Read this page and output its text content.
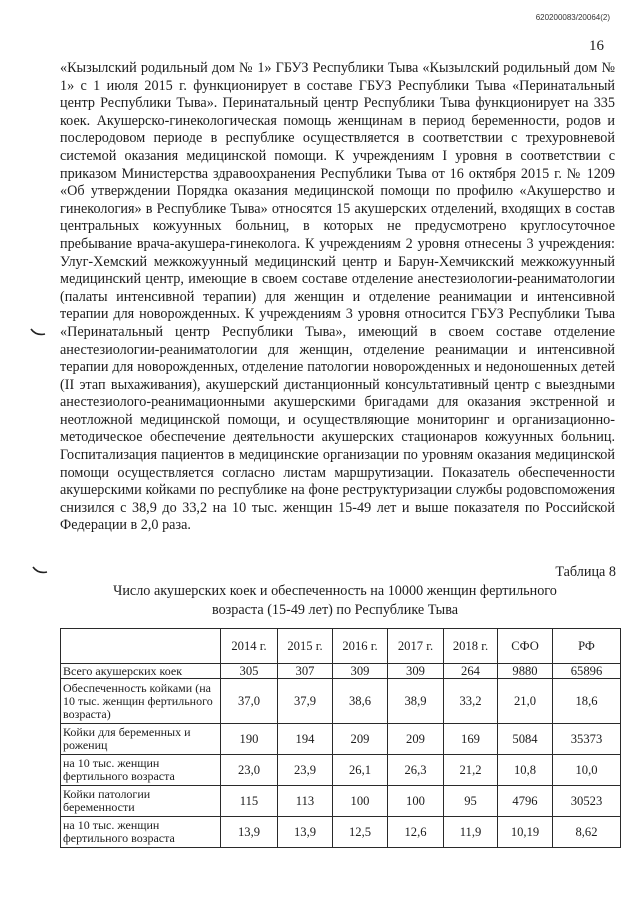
620200083/20064(2)
16

«Кызылский родильный дом № 1» ГБУЗ Республики Тыва «Кызылский родильный дом № 1» с 1 июля 2015 г. функционирует в составе ГБУЗ Республики Тыва «Перинатальный центр Республики Тыва». Перинатальный центр Республики Тыва функционирует на 335 коек. Акушерско-гинекологическая помощь женщинам в период беременности, родов и послеродовом периоде в республике осуществляется в соответствии с трехуровневой системой оказания медицинской помощи. К учреждениям I уровня в соответствии с приказом Министерства здравоохранения Республики Тыва от 16 октября 2015 г. № 1209 «Об утверждении Порядка оказания медицинской помощи по профилю «Акушерство и гинекология» в Республике Тыва» относятся 15 акушерских отделений, входящих в состав центральных кожуунных больниц, в которых не предусмотрено круглосуточное пребывание врача-акушера-гинеколога. К учреждениям 2 уровня отнесены 3 учреждения: Улуг-Хемский межкожуунный медицинский центр и Барун-Хемчикский межкожуунный медицинский центр, имеющие в своем составе отделение анестезиологии-реаниматологии (палаты интенсивной терапии) для женщин и отделение реанимации и интенсивной терапии для новорожденных. К учреждениям 3 уровня относится ГБУЗ Республики Тыва «Перинатальный центр Республики Тыва», имеющий в своем составе отделение анестезиологии-реаниматологии для женщин, отделение реанимации и интенсивной терапии для новорожденных, отделение патологии новорожденных и недоношенных детей (II этап выхаживания), акушерский дистанционный консультативный центр с выездными анестезиолого-реанимационными акушерскими бригадами для оказания экстренной и неотложной медицинской помощи, и осуществляющие мониторинг и организационно-методическое обеспечение деятельности акушерских стационаров кожуунных больниц. Госпитализация пациентов в медицинские организации по уровням оказания медицинской помощи осуществляется согласно листам маршрутизации. Показатель обеспеченности акушерскими койками по республике на фоне реструктуризации службы родовспоможения снизился с 38,9 до 33,2 на 10 тыс. женщин 15-49 лет и выше показателя по Российской Федерации в 2,0 раза.

Таблица 8
Число акушерских коек и обеспеченность на 10000 женщин фертильного возраста (15-49 лет) по Республике Тыва
	2014 г.	2015 г.	2016 г.	2017 г.	2018 г.	СФО	РФ
Всего акушерских коек	305	307	309	309	264	9880	65896
Обеспеченность койками (на 10 тыс. женщин фертильного возраста)	37,0	37,9	38,6	38,9	33,2	21,0	18,6
Койки для беременных и рожениц	190	194	209	209	169	5084	35373
на 10 тыс. женщин фертильного возраста	23,0	23,9	26,1	26,3	21,2	10,8	10,0
Койки патологии беременности	115	113	100	100	95	4796	30523
на 10 тыс. женщин фертильного возраста	13,9	13,9	12,5	12,6	11,9	10,19	8,62
